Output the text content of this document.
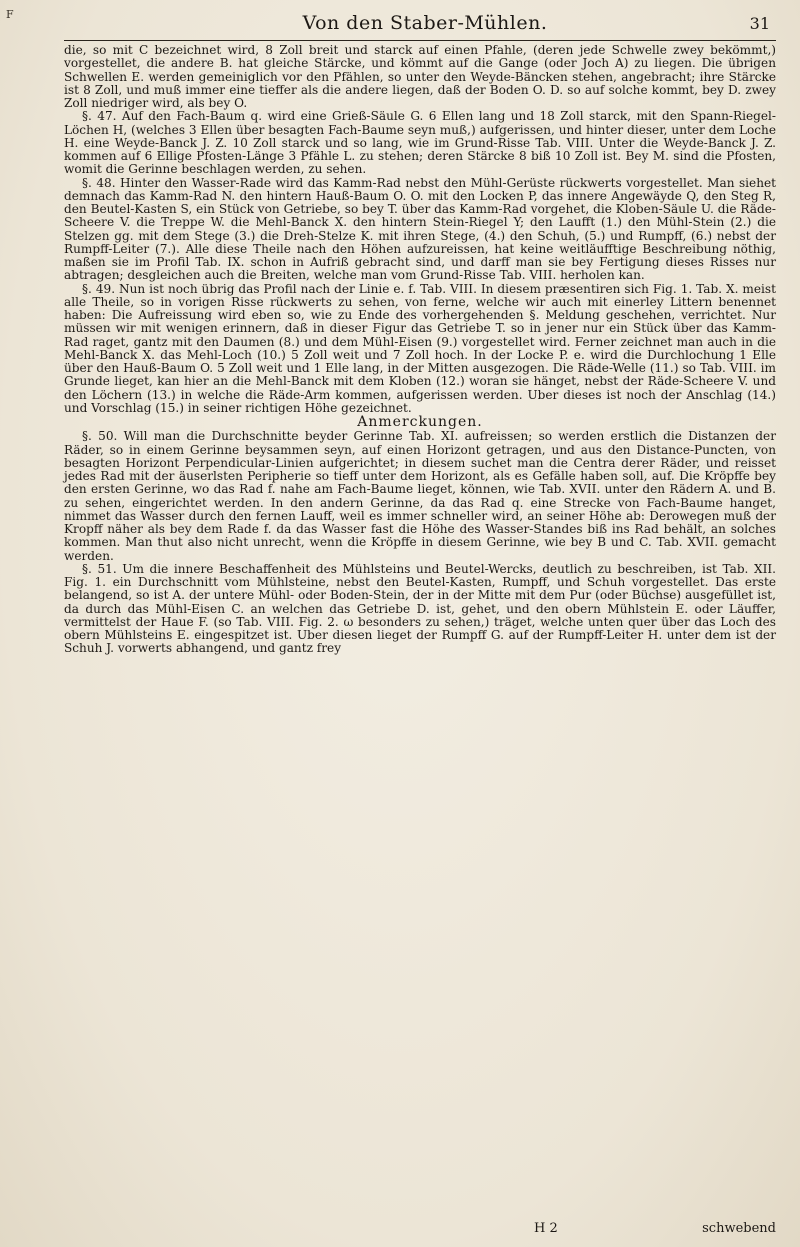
F	Von den Staber-Mühlen.	31

die, so mit C bezeichnet wird, 8 Zoll breit und starck auf einen Pfahle, (deren jede Schwelle zwey bekömmt,) vorgestellet, die andere B. hat gleiche Stärcke, und kömmt auf die Gange (oder Joch A) zu liegen. Die übrigen Schwellen E. werden gemeiniglich vor den Pfählen, so unter den Weyde-Bäncken stehen, angebracht; ihre Stärcke ist 8 Zoll, und muß immer eine tieffer als die andere liegen, daß der Boden O. D. so auf solche kommt, bey D. zwey Zoll niedriger wird, als bey O.

§. 47. Auf den Fach-Baum q. wird eine Grieß-Säule G. 6 Ellen lang und 18 Zoll starck, mit den Spann-Riegel-Löchen H, (welches 3 Ellen über besagten Fach-Baume seyn muß,) aufgerissen, und hinter dieser, unter dem Loche H. eine Weyde-Banck J. Z. 10 Zoll starck und so lang, wie im Grund-Risse Tab. VIII. Unter die Weyde-Banck J. Z. kommen auf 6 Ellige Pfosten-Länge 3 Pfähle L. zu stehen; deren Stärcke 8 biß 10 Zoll ist. Bey M. sind die Pfosten, womit die Gerinne beschlagen werden, zu sehen.

§. 48. Hinter den Wasser-Rade wird das Kamm-Rad nebst den Mühl-Gerüste rückwerts vorgestellet. Man siehet demnach das Kamm-Rad N. den hintern Hauß-Baum O. O. mit den Locken P, das innere Angewäyde Q, den Steg R, den Beutel-Kasten S, ein Stück von Getriebe, so bey T. über das Kamm-Rad vorgehet, die Kloben-Säule U. die Räde-Scheere V. die Treppe W. die Mehl-Banck X. den hintern Stein-Riegel Y; den Laufft (1.) den Mühl-Stein (2.) die Stelzen gg. mit dem Stege (3.) die Dreh-Stelze K. mit ihren Stege, (4.) den Schuh, (5.) und Rumpff, (6.) nebst der Rumpff-Leiter (7.). Alle diese Theile nach den Höhen aufzureissen, hat keine weitläufftige Beschreibung nöthig, maßen sie im Profil Tab. IX. schon in Aufriß gebracht sind, und darff man sie bey Fertigung dieses Risses nur abtragen; desgleichen auch die Breiten, welche man vom Grund-Risse Tab. VIII. herholen kan.

§. 49. Nun ist noch übrig das Profil nach der Linie e. f. Tab. VIII. In diesem præsentiren sich Fig. 1. Tab. X. meist alle Theile, so in vorigen Risse rückwerts zu sehen, von ferne, welche wir auch mit einerley Littern benennet haben: Die Aufreissung wird eben so, wie zu Ende des vorhergehenden §. Meldung geschehen, verrichtet. Nur müssen wir mit wenigen erinnern, daß in dieser Figur das Getriebe T. so in jener nur ein Stück über das Kamm-Rad raget, gantz mit den Daumen (8.) und dem Mühl-Eisen (9.) vorgestellet wird. Ferner zeichnet man auch in die Mehl-Banck X. das Mehl-Loch (10.) 5 Zoll weit und 7 Zoll hoch. In der Locke P. e. wird die Durchlochung 1 Elle über den Hauß-Baum O. 5 Zoll weit und 1 Elle lang, in der Mitten ausgezogen. Die Räde-Welle (11.) so Tab. VIII. im Grunde lieget, kan hier an die Mehl-Banck mit dem Kloben (12.) woran sie hänget, nebst der Räde-Scheere V. und den Löchern (13.) in welche die Räde-Arm kommen, aufgerissen werden. Uber dieses ist noch der Anschlag (14.) und Vorschlag (15.) in seiner richtigen Höhe gezeichnet.

Anmerckungen.

§. 50. Will man die Durchschnitte beyder Gerinne Tab. XI. aufreissen; so werden erstlich die Distanzen der Räder, so in einem Gerinne beysammen seyn, auf einen Horizont getragen, und aus den Distance-Puncten, von besagten Horizont Perpendicular-Linien aufgerichtet; in diesem suchet man die Centra derer Räder, und reisset jedes Rad mit der äuserlsten Peripherie so tieff unter dem Horizont, als es Gefälle haben soll, auf. Die Kröpffe bey den ersten Gerinne, wo das Rad f. nahe am Fach-Baume lieget, können, wie Tab. XVII. unter den Rädern A. und B. zu sehen, eingerichtet werden. In den andern Gerinne, da das Rad q. eine Strecke von Fach-Baume hanget, nimmet das Wasser durch den fernen Lauff, weil es immer schneller wird, an seiner Höhe ab: Derowegen muß der Kropff näher als bey dem Rade f. da das Wasser fast die Höhe des Wasser-Standes biß ins Rad behält, an solches kommen. Man thut also nicht unrecht, wenn die Kröpffe in diesem Gerinne, wie bey B und C. Tab. XVII. gemacht werden.

§. 51. Um die innere Beschaffenheit des Mühlsteins und Beutel-Wercks, deutlich zu beschreiben, ist Tab. XII. Fig. 1. ein Durchschnitt vom Mühlsteine, nebst den Beutel-Kasten, Rumpff, und Schuh vorgestellet. Das erste belangend, so ist A. der untere Mühl- oder Boden-Stein, der in der Mitte mit dem Pur (oder Büchse) ausgefüllet ist, da durch das Mühl-Eisen C. an welchen das Getriebe D. ist, gehet, und den obern Mühlstein E. oder Läuffer, vermittelst der Haue F. (so Tab. VIII. Fig. 2. ω besonders zu sehen,) träget, welche unten quer über das Loch des obern Mühlsteins E. eingespitzet ist. Uber diesen lieget der Rumpff G. auf der Rumpff-Leiter H. unter dem ist der Schuh J. vorwerts abhangend, und gantz frey

H 2	schwebend
